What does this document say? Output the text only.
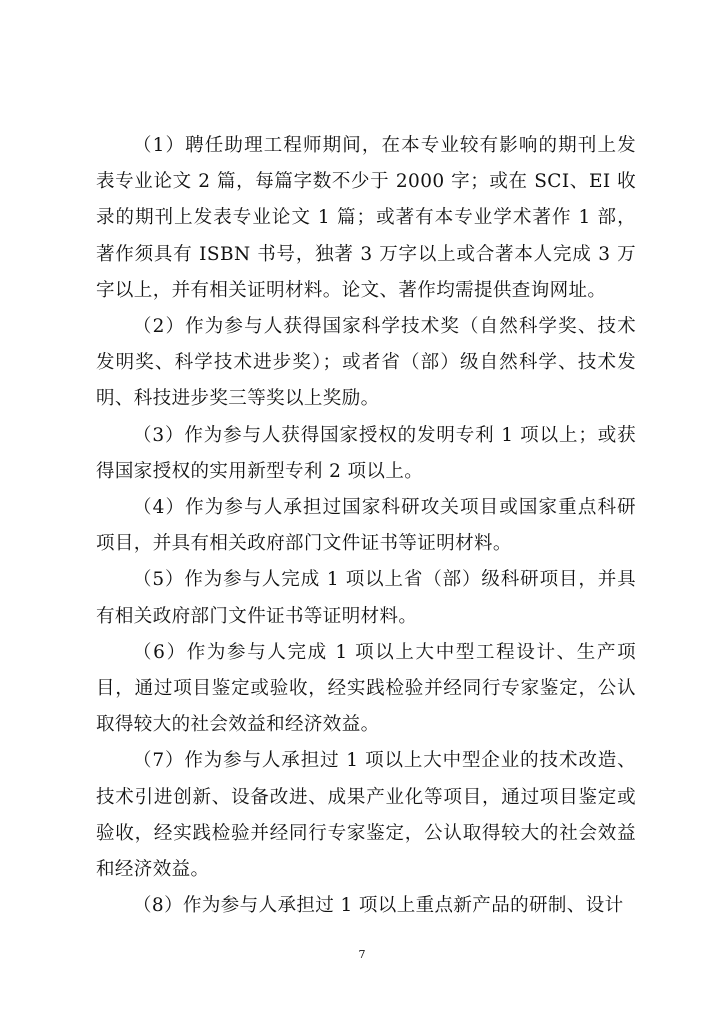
（1）聘任助理工程师期间，在本专业较有影响的期刊上发表专业论文 2 篇，每篇字数不少于 2000 字；或在 SCI、EI 收录的期刊上发表专业论文 1 篇；或著有本专业学术著作 1 部，著作须具有 ISBN 书号，独著 3 万字以上或合著本人完成 3 万字以上，并有相关证明材料。论文、著作均需提供查询网址。

（2）作为参与人获得国家科学技术奖（自然科学奖、技术发明奖、科学技术进步奖）；或者省（部）级自然科学、技术发明、科技进步奖三等奖以上奖励。

（3）作为参与人获得国家授权的发明专利 1 项以上；或获得国家授权的实用新型专利 2 项以上。

（4）作为参与人承担过国家科研攻关项目或国家重点科研项目，并具有相关政府部门文件证书等证明材料。

（5）作为参与人完成 1 项以上省（部）级科研项目，并具有相关政府部门文件证书等证明材料。

（6）作为参与人完成 1 项以上大中型工程设计、生产项目，通过项目鉴定或验收，经实践检验并经同行专家鉴定，公认取得较大的社会效益和经济效益。

（7）作为参与人承担过 1 项以上大中型企业的技术改造、技术引进创新、设备改进、成果产业化等项目，通过项目鉴定或验收，经实践检验并经同行专家鉴定，公认取得较大的社会效益和经济效益。

（8）作为参与人承担过 1 项以上重点新产品的研制、设计

7
